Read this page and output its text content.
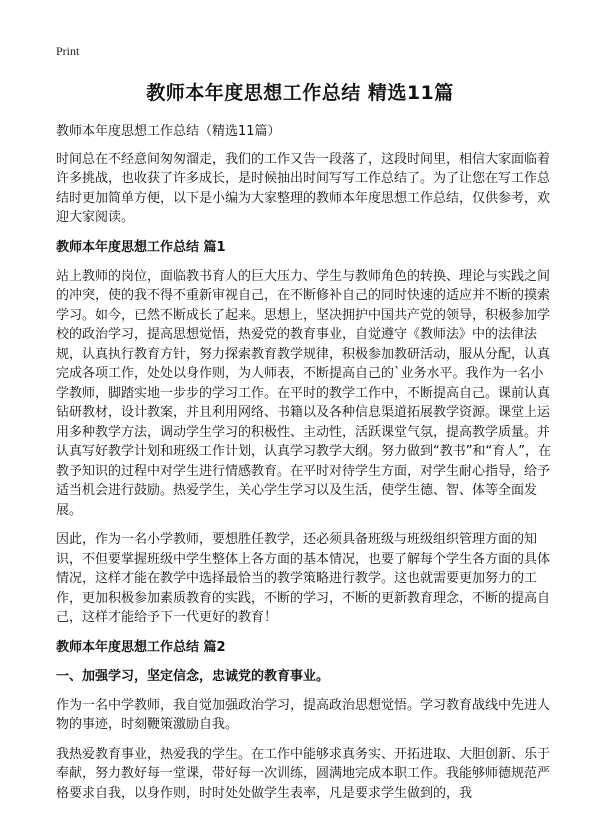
Print
教师本年度思想工作总结 精选11篇

教师本年度思想工作总结（精选11篇）

时间总在不经意间匆匆溜走，我们的工作又告一段落了，这段时间里，相信大家面临着许多挑战，也收获了许多成长，是时候抽出时间写写工作总结了。为了让您在写工作总结时更加简单方便，以下是小编为大家整理的教师本年度思想工作总结，仅供参考，欢迎大家阅读。

教师本年度思想工作总结 篇1

站上教师的岗位，面临教书育人的巨大压力、学生与教师角色的转换、理论与实践之间的冲突，使的我不得不重新审视自己，在不断修补自己的同时快速的适应并不断的摸索学习。如今，已然不断成长了起来。思想上，坚决拥护中国共产党的领导，积极参加学校的政治学习，提高思想觉悟，热爱党的教育事业，自觉遵守《教师法》中的法律法规，认真执行教育方针，努力探索教育教学规律，积极参加教研活动，服从分配，认真完成各项工作，处处以身作则，为人师表，不断提高自己的`业务水平。我作为一名小学教师，脚踏实地一步步的学习工作。在平时的教学工作中，不断提高自己。课前认真钻研教材，设计教案，并且利用网络、书籍以及各种信息渠道拓展教学资源。课堂上运用多种教学方法，调动学生学习的积极性、主动性，活跃课堂气氛，提高教学质量。并认真写好教学计划和班级工作计划，认真学习教学大纲。努力做到“教书”和“育人”，在教予知识的过程中对学生进行情感教育。在平时对待学生方面，对学生耐心指导，给予适当机会进行鼓励。热爱学生，关心学生学习以及生活，使学生德、智、体等全面发展。

因此，作为一名小学教师，要想胜任教学，还必须具备班级与班级组织管理方面的知识，不但要掌握班级中学生整体上各方面的基本情况，也要了解每个学生各方面的具体情况，这样才能在教学中选择最恰当的教学策略进行教学。这也就需要更加努力的工作，更加积极参加素质教育的实践，不断的学习，不断的更新教育理念，不断的提高自己，这样才能给予下一代更好的教育！

教师本年度思想工作总结 篇2

一、加强学习，坚定信念，忠诚党的教育事业。

作为一名中学教师，我自觉加强政治学习，提高政治思想觉悟。学习教育战线中先进人物的事迹，时刻鞭策激励自我。

我热爱教育事业，热爱我的学生。在工作中能够求真务实、开拓进取、大胆创新、乐于奉献，努力教好每一堂课，带好每一次训练，圆满地完成本职工作。我能够师德规范严格要求自我，以身作则，时时处处做学生表率，凡是要求学生做到的，我
